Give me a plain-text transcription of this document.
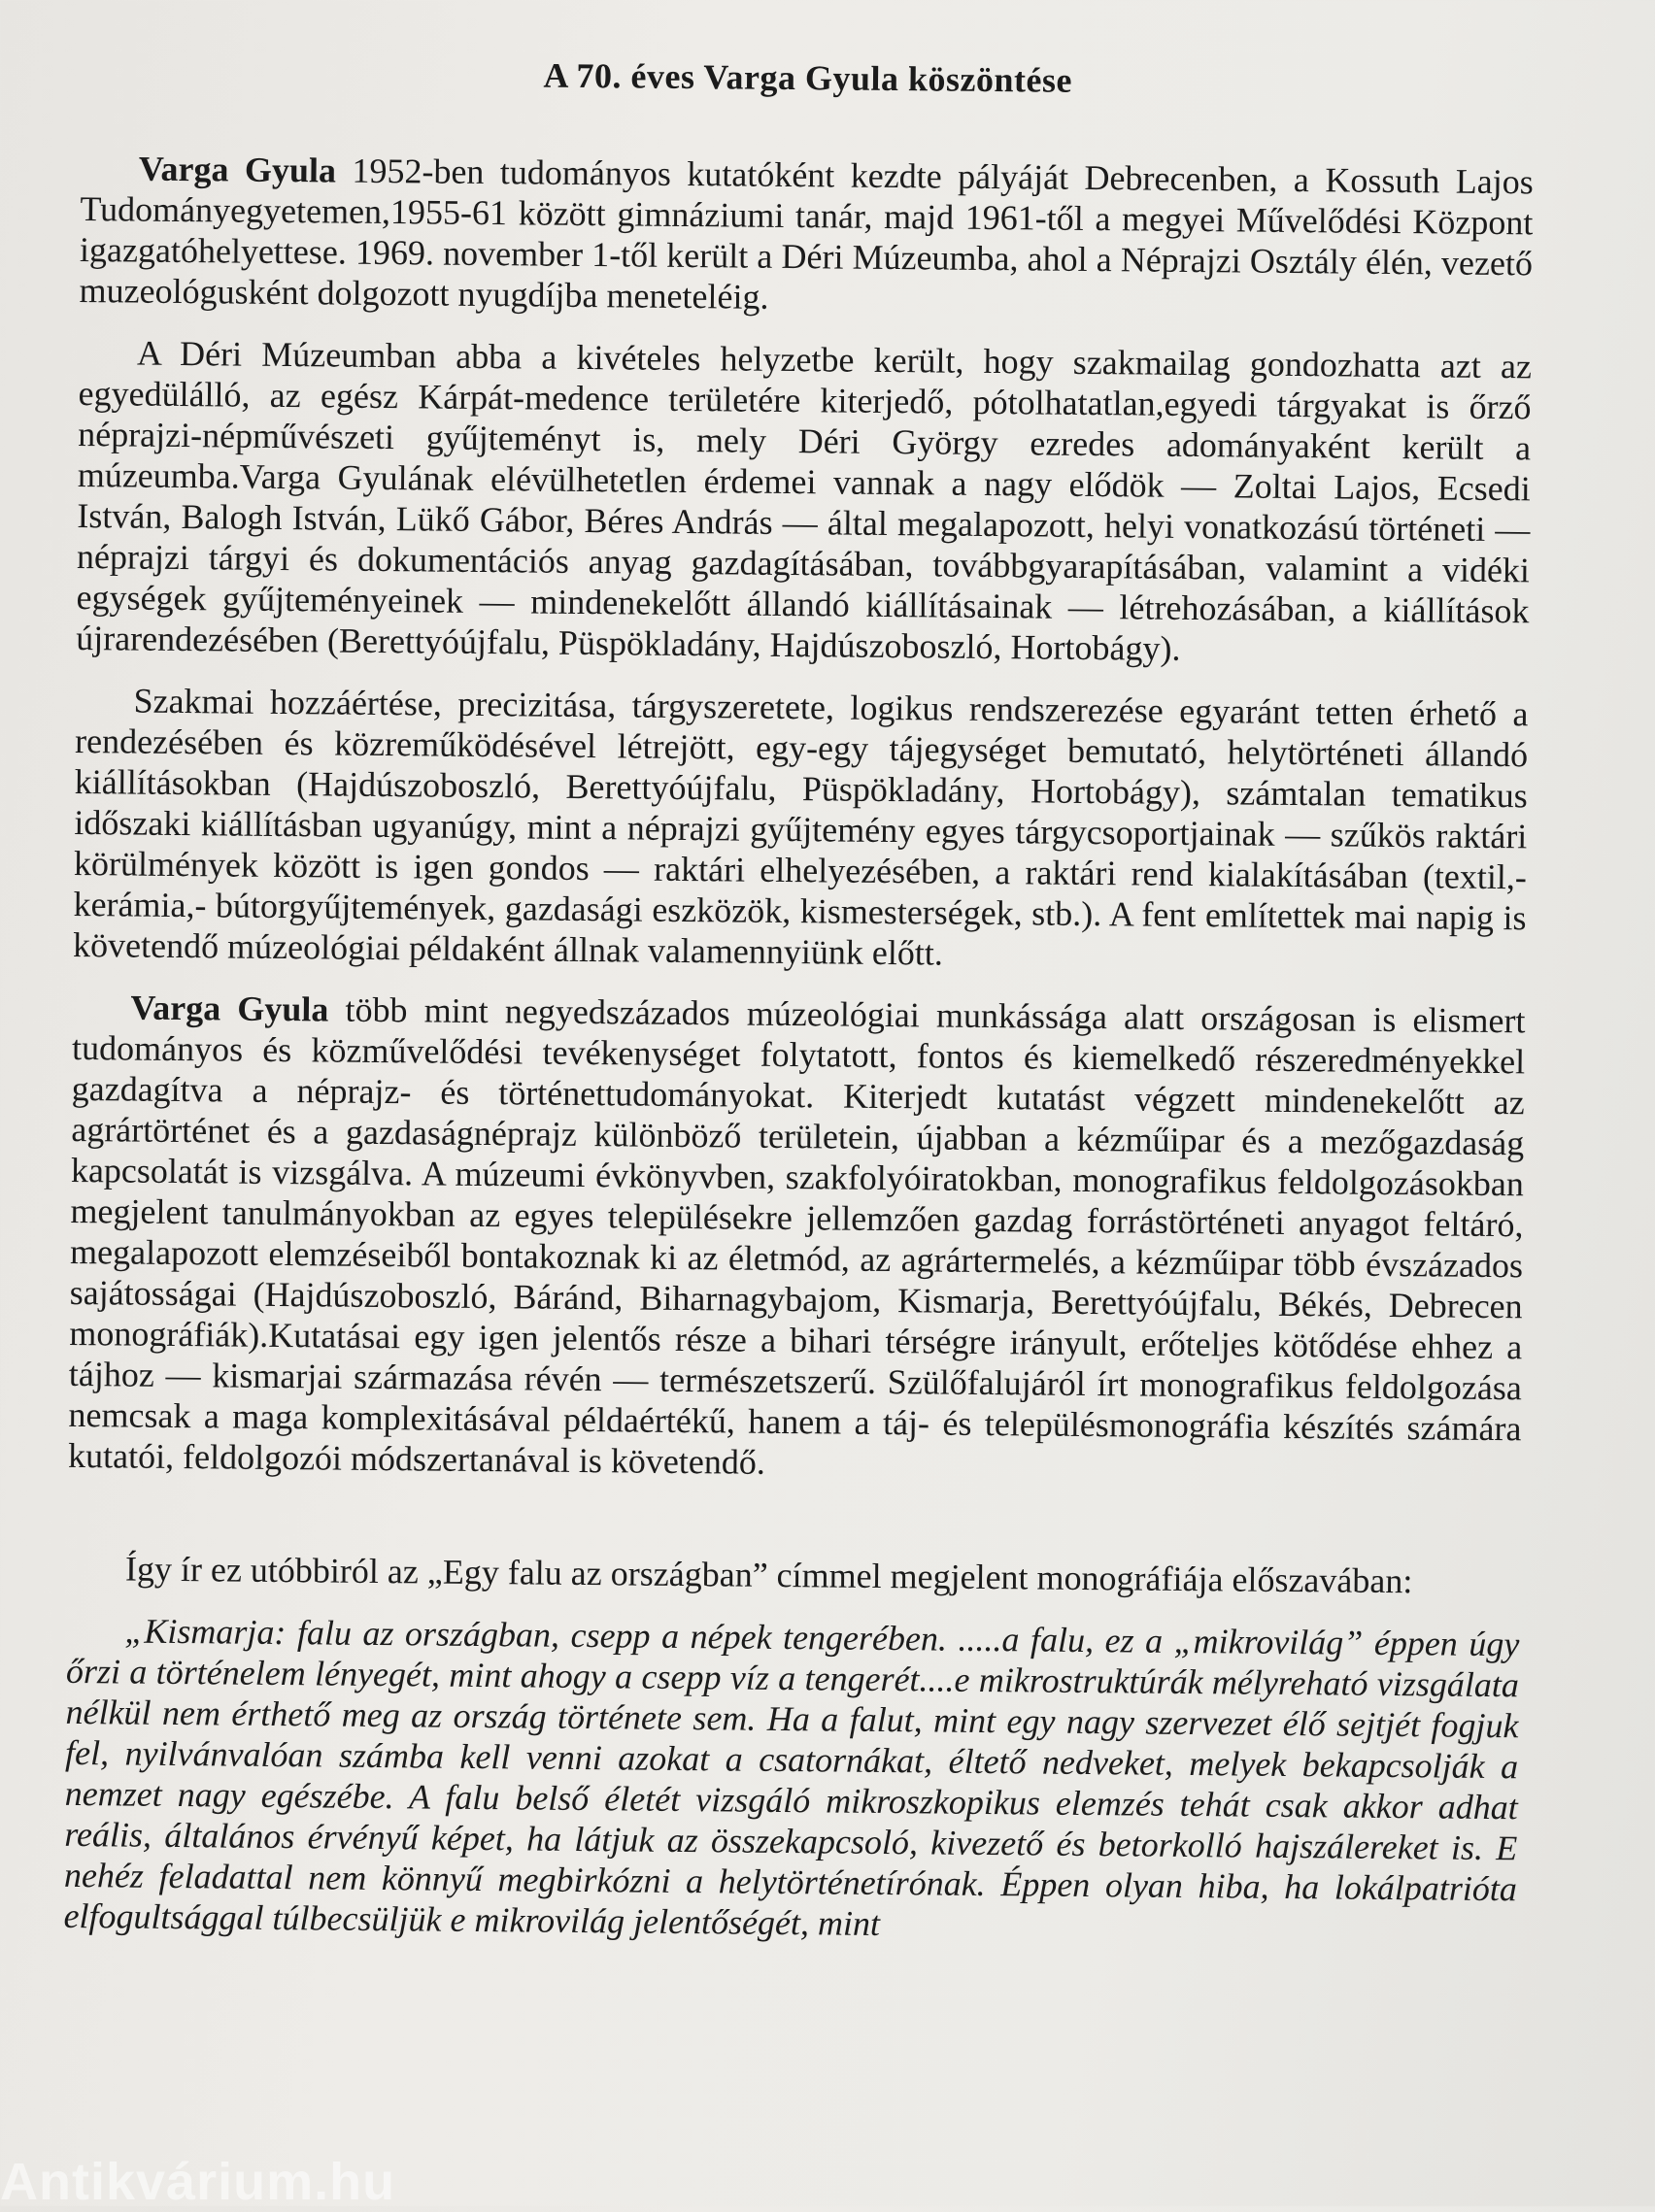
A 70. éves Varga Gyula köszöntése

Varga Gyula 1952-ben tudományos kutatóként kezdte pályáját Debrecenben, a Kossuth Lajos Tudományegyetemen,1955-61 között gimnáziumi tanár, majd 1961-től a megyei Művelődési Központ igazgatóhelyettese. 1969. november 1-től került a Déri Múzeumba, ahol a Néprajzi Osztály élén, vezető muzeológusként dolgozott nyugdíjba meneteléig.

A Déri Múzeumban abba a kivételes helyzetbe került, hogy szakmailag gondozhatta azt az egyedülálló, az egész Kárpát-medence területére kiterjedő, pótolhatatlan,egyedi tárgyakat is őrző néprajzi-népművészeti gyűjteményt is, mely Déri György ezredes adományaként került a múzeumba.Varga Gyulának elévülhetetlen érdemei vannak a nagy elődök — Zoltai Lajos, Ecsedi István, Balogh István, Lükő Gábor, Béres András — által megalapozott, helyi vonatkozású történeti — néprajzi tárgyi és dokumentációs anyag gazdagításában, továbbgyarapításában, valamint a vidéki egységek gyűjteményeinek — mindenekelőtt állandó kiállításainak — létrehozásában, a kiállítások újrarendezésében (Berettyóújfalu, Püspökladány, Hajdúszoboszló, Hortobágy).

Szakmai hozzáértése, precizitása, tárgyszeretete, logikus rendszerezése egyaránt tetten érhető a rendezésében és közreműködésével létrejött, egy-egy tájegységet bemutató, helytörténeti állandó kiállításokban (Hajdúszoboszló, Berettyóújfalu, Püspökladány, Hortobágy), számtalan tematikus időszaki kiállításban ugyanúgy, mint a néprajzi gyűjtemény egyes tárgycsoportjainak — szűkös raktári körülmények között is igen gondos — raktári elhelyezésében, a raktári rend kialakításában (textil,- kerámia,- bútorgyűjtemények, gazdasági eszközök, kismesterségek, stb.). A fent említettek mai napig is követendő múzeológiai példaként állnak valamennyiünk előtt.

Varga Gyula több mint negyedszázados múzeológiai munkássága alatt országosan is elismert tudományos és közművelődési tevékenységet folytatott, fontos és kiemelkedő részeredményekkel gazdagítva a néprajz- és történettudományokat. Kiterjedt kutatást végzett mindenekelőtt az agrártörténet és a gazdaságnéprajz különböző területein, újabban a kézműipar és a mezőgazdaság kapcsolatát is vizsgálva. A múzeumi évkönyvben, szakfolyóiratokban, monografikus feldolgozásokban megjelent tanulmányokban az egyes településekre jellemzően gazdag forrástörténeti anyagot feltáró, megalapozott elemzéseiből bontakoznak ki az életmód, az agrártermelés, a kézműipar több évszázados sajátosságai (Hajdúszoboszló, Báránd, Biharnagybajom, Kismarja, Berettyóújfalu, Békés, Debrecen monográfiák).Kutatásai egy igen jelentős része a bihari térségre irányult, erőteljes kötődése ehhez a tájhoz — kismarjai származása révén — természetszerű. Szülőfalujáról írt monografikus feldolgozása nemcsak a maga komplexitásával példaértékű, hanem a táj- és településmonográfia készítés számára kutatói, feldolgozói módszertanával is követendő.

Így ír ez utóbbiról az „Egy falu az országban” címmel megjelent monográfiája előszavában:

„Kismarja: falu az országban, csepp a népek tengerében. .....a falu, ez a „mikrovilág” éppen úgy őrzi a történelem lényegét, mint ahogy a csepp víz a tengerét....e mikrostruktúrák mélyreható vizsgálata nélkül nem érthető meg az ország története sem. Ha a falut, mint egy nagy szervezet élő sejtjét fogjuk fel, nyilvánvalóan számba kell venni azokat a csatornákat, éltető nedveket, melyek bekapcsolják a nemzet nagy egészébe. A falu belső életét vizsgáló mikroszkopikus elemzés tehát csak akkor adhat reális, általános érvényű képet, ha látjuk az összekapcsoló, kivezető és betorkolló hajszálereket is. E nehéz feladattal nem könnyű megbirkózni a helytörténetírónak. Éppen olyan hiba, ha lokálpatrióta elfogultsággal túlbecsüljük e mikrovilág jelentőségét, mint

Antikvárium.hu
